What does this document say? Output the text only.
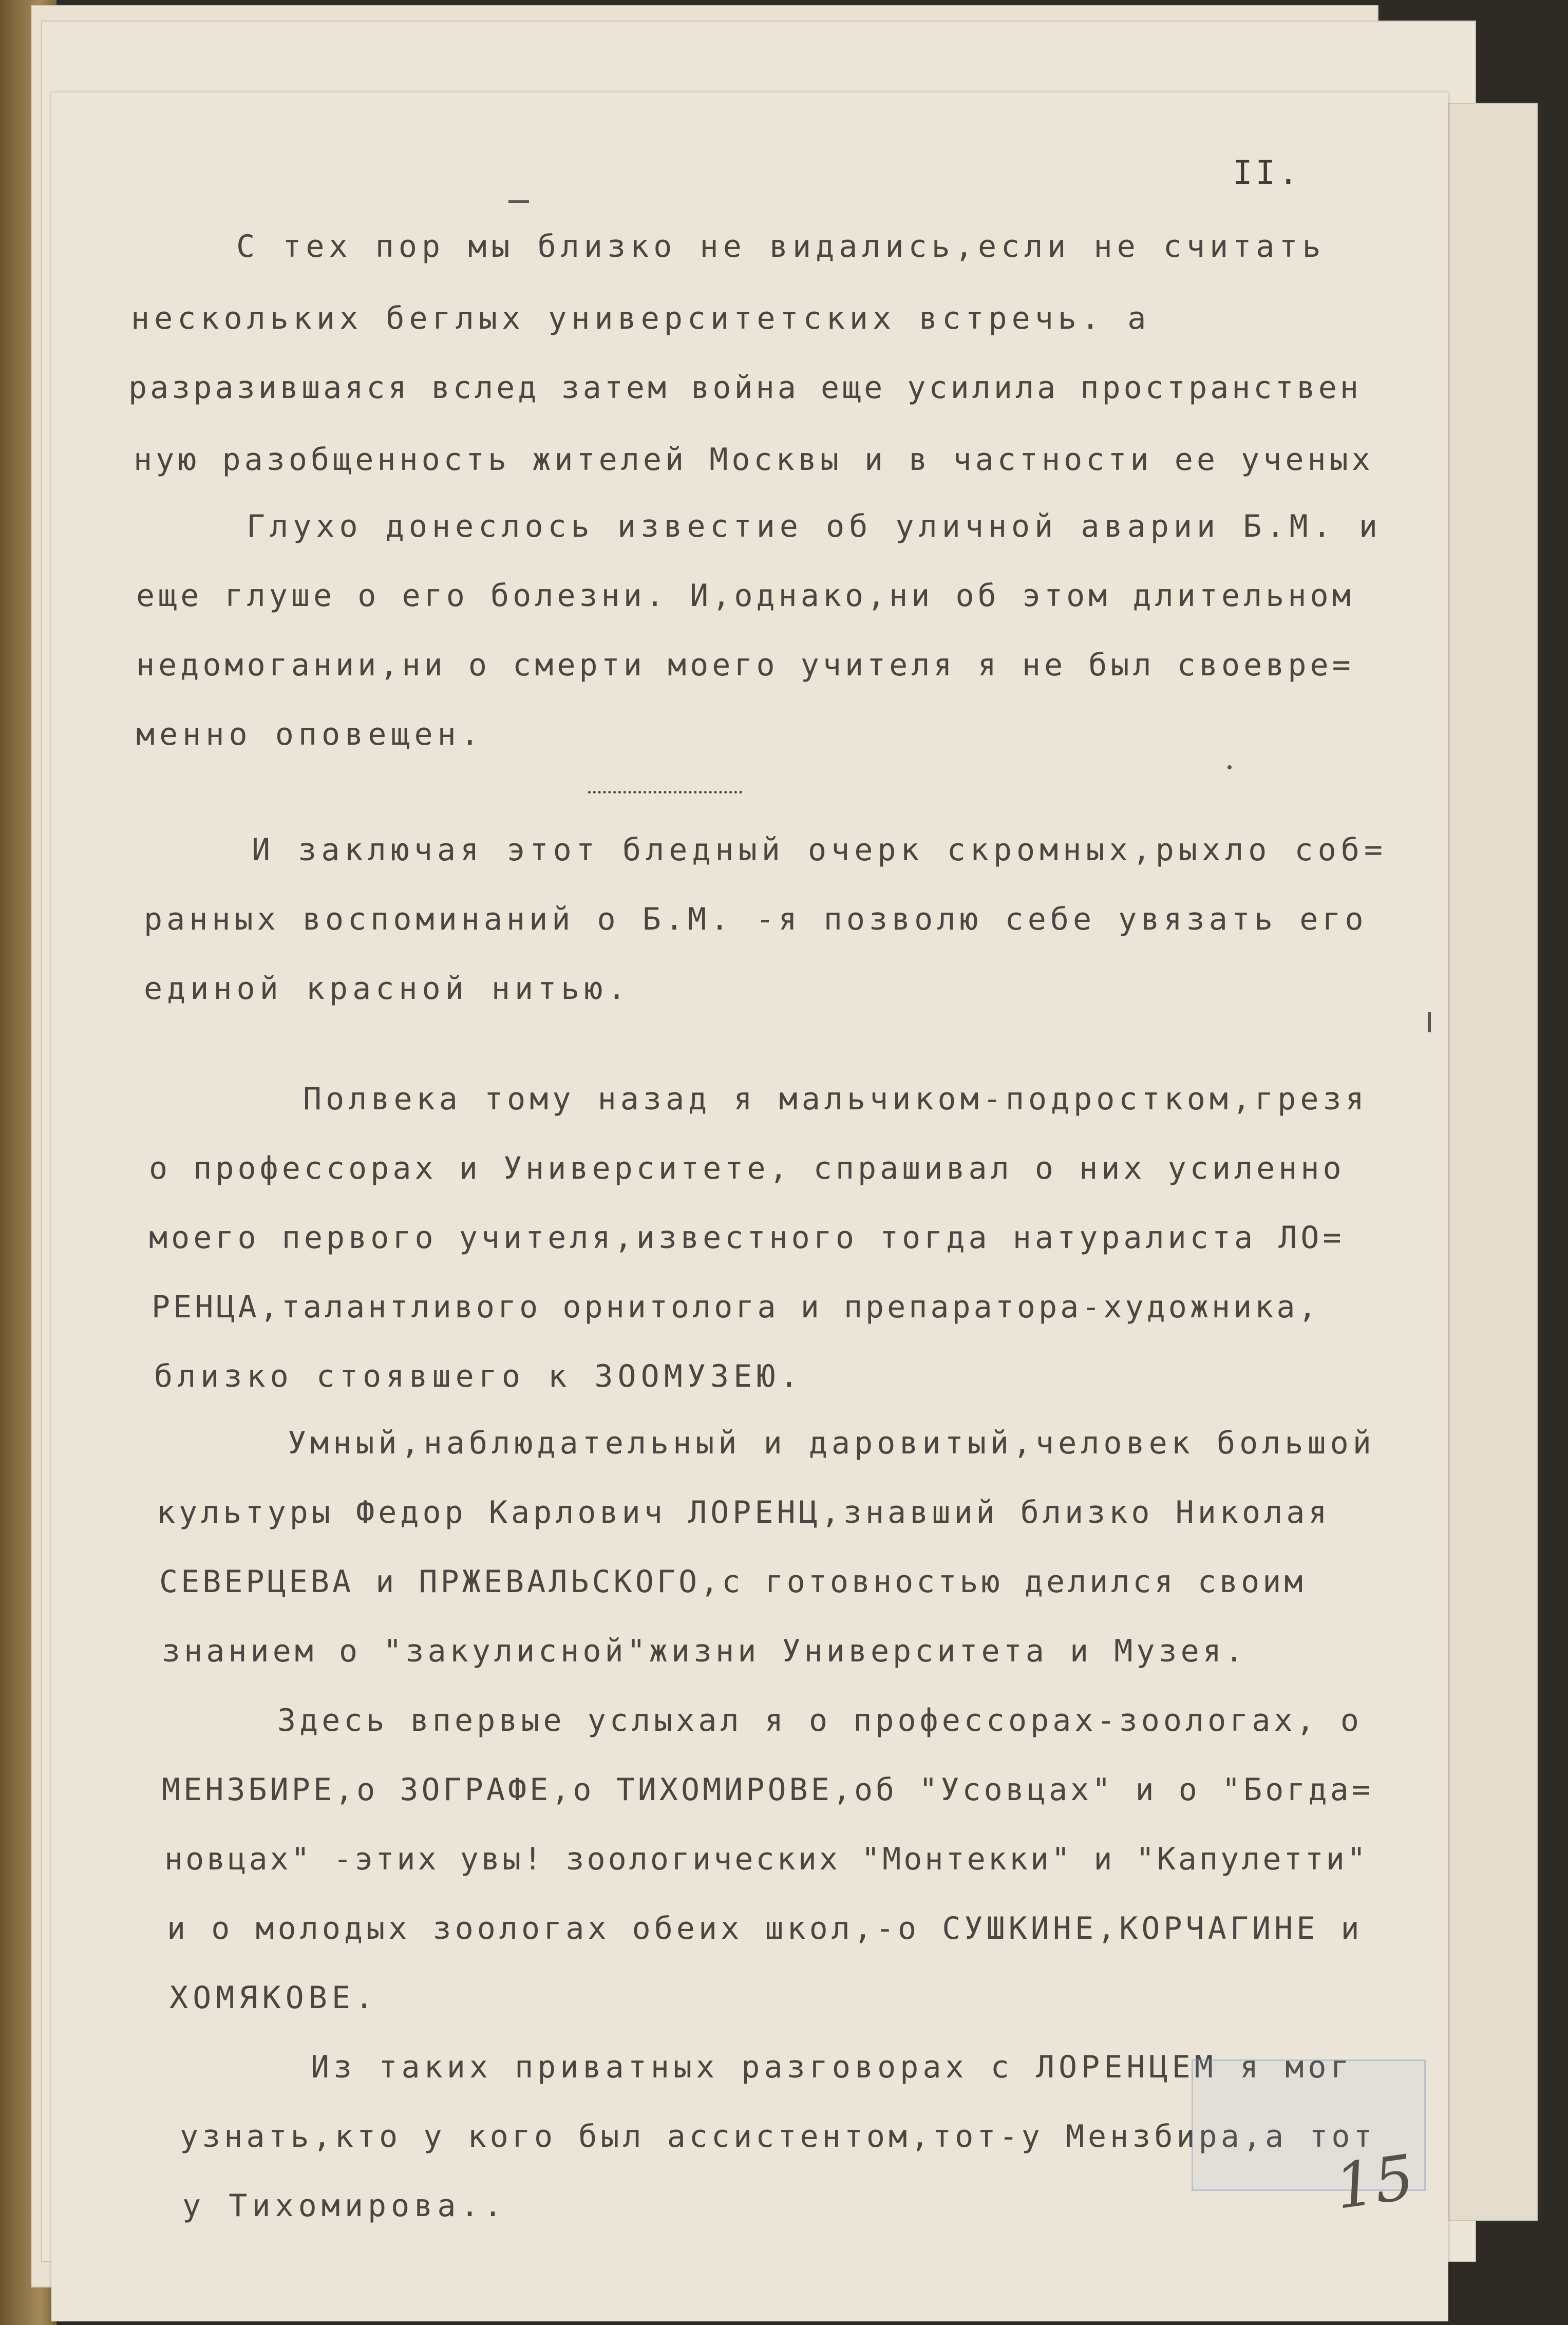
II.
С тех пор мы близко не видались,если не считать
нескольких беглых университетских встречь. а
разразившаяся вслед затем война еще усилила пространствен
ную разобщенность жителей Москвы и в частности ее ученых
Глухо донеслось известие об уличной аварии Б.М. и
еще глуше о его болезни. И,однако,ни об этом длительном
недомогании,ни о смерти моего учителя я не был своевре=
менно оповещен.
И заключая этот бледный очерк скромных,рыхло соб=
ранных воспоминаний о Б.М. -я позволю себе увязать его
единой красной нитью.
Полвека тому назад я мальчиком-подростком,грезя
о профессорах и Университете, спрашивал о них усиленно
моего первого учителя,известного тогда натуралиста ЛО=
РЕНЦА,талантливого орнитолога и препаратора-художника,
близко стоявшего к ЗООМУЗЕЮ.
Умный,наблюдательный и даровитый,человек большой
культуры Федор Карлович ЛОРЕНЦ,знавший близко Николая
СЕВЕРЦЕВА и ПРЖЕВАЛЬСКОГО,с готовностью делился своим
знанием о "закулисной"жизни Университета и Музея.
Здесь впервые услыхал я о профессорах-зоологах, о
МЕНЗБИРЕ,о ЗОГРАФЕ,о ТИХОМИРОВЕ,об "Усовцах" и о "Богда=
новцах" -этих увы! зоологических "Монтекки" и "Капулетти"
и о молодых зоологах обеих школ,-о СУШКИНЕ,КОРЧАГИНЕ и
ХОМЯКОВЕ.
Из таких приватных разговорах с ЛОРЕНЦЕМ я мог
узнать,кто у кого был ассистентом,тот-у Мензбира,а тот
у Тихомирова..	15
